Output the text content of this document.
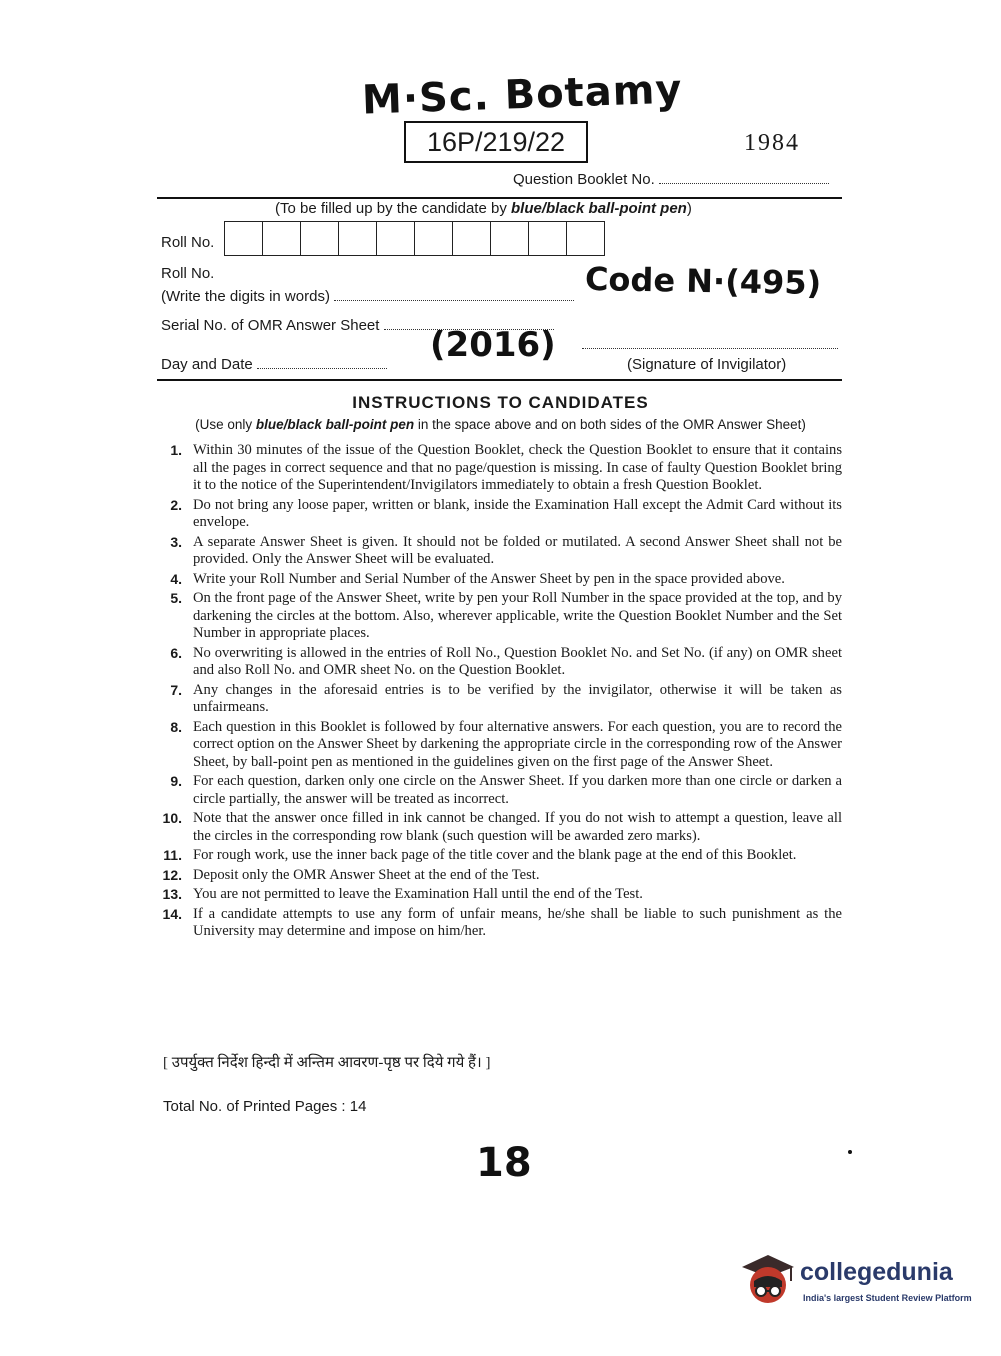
M·Sc. Botamy
16P/219/22	1984
Question Booklet No.
(To be filled up by the candidate by blue/black ball-point pen)
Roll No.
Roll No.
(Write the digits in words)	Code N·(495)
Serial No. of OMR Answer Sheet	(2016)
Day and Date	(Signature of Invigilator)
INSTRUCTIONS TO CANDIDATES
(Use only blue/black ball-point pen in the space above and on both sides of the OMR Answer Sheet)
1. Within 30 minutes of the issue of the Question Booklet, check the Question Booklet to ensure that it contains all the pages in correct sequence and that no page/question is missing. In case of faulty Question Booklet bring it to the notice of the Superintendent/Invigilators immediately to obtain a fresh Question Booklet.
2. Do not bring any loose paper, written or blank, inside the Examination Hall except the Admit Card without its envelope.
3. A separate Answer Sheet is given. It should not be folded or mutilated. A second Answer Sheet shall not be provided. Only the Answer Sheet will be evaluated.
4. Write your Roll Number and Serial Number of the Answer Sheet by pen in the space provided above.
5. On the front page of the Answer Sheet, write by pen your Roll Number in the space provided at the top, and by darkening the circles at the bottom. Also, wherever applicable, write the Question Booklet Number and the Set Number in appropriate places.
6. No overwriting is allowed in the entries of Roll No., Question Booklet No. and Set No. (if any) on OMR sheet and also Roll No. and OMR sheet No. on the Question Booklet.
7. Any changes in the aforesaid entries is to be verified by the invigilator, otherwise it will be taken as unfairmeans.
8. Each question in this Booklet is followed by four alternative answers. For each question, you are to record the correct option on the Answer Sheet by darkening the appropriate circle in the corresponding row of the Answer Sheet, by ball-point pen as mentioned in the guidelines given on the first page of the Answer Sheet.
9. For each question, darken only one circle on the Answer Sheet. If you darken more than one circle or darken a circle partially, the answer will be treated as incorrect.
10. Note that the answer once filled in ink cannot be changed. If you do not wish to attempt a question, leave all the circles in the corresponding row blank (such question will be awarded zero marks).
11. For rough work, use the inner back page of the title cover and the blank page at the end of this Booklet.
12. Deposit only the OMR Answer Sheet at the end of the Test.
13. You are not permitted to leave the Examination Hall until the end of the Test.
14. If a candidate attempts to use any form of unfair means, he/she shall be liable to such punishment as the University may determine and impose on him/her.
[ उपर्युक्त निर्देश हिन्दी में अन्तिम आवरण-पृष्ठ पर दिये गये हैं। ]
Total No. of Printed Pages : 14
18
collegedunia
India's largest Student Review Platform
